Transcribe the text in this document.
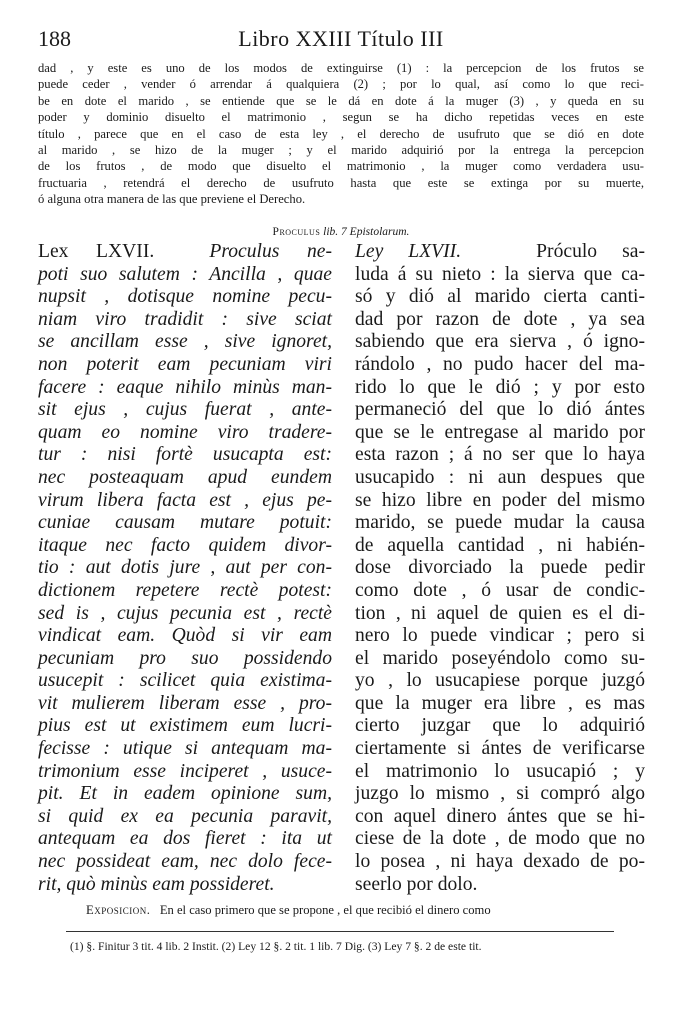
188	Libro XXIII Título III
dad , y este es uno de los modos de extinguirse (1) : la percepcion de los frutos se
puede ceder , vender ó arrendar á qualquiera (2) ; por lo qual, así como lo que reci-
be en dote el marido , se entiende que se le dá en dote á la muger (3) , y queda en su
poder y dominio disuelto el matrimonio , segun se ha dicho repetidas veces en este
título , parece que en el caso de esta ley , el derecho de usufruto que se dió en dote
al marido , se hizo de la muger ; y el marido adquirió por la entrega la percepcion
de los frutos , de modo que disuelto el matrimonio , la muger como verdadera usu-
fructuaria , retendrá el derecho de usufruto hasta que este se extinga por su muerte,
ó alguna otra manera de las que previene el Derecho.
Proculus lib. 7 Epistolarum.
Lex LXVII.	Proculus ne-
poti suo salutem : Ancilla , quae
nupsit , dotisque nomine pecu-
niam viro tradidit : sive sciat
se ancillam esse , sive ignoret,
non poterit eam pecuniam viri
facere : eaque nihilo minùs man-
sit ejus , cujus fuerat , ante-
quam eo nomine viro tradere-
tur : nisi fortè usucapta est:
nec posteaquam apud eundem
virum libera facta est , ejus pe-
cuniae causam mutare potuit:
itaque nec facto quidem divor-
tio : aut dotis jure , aut per con-
dictionem repetere rectè potest:
sed is , cujus pecunia est , rectè
vindicat eam. Quòd si vir eam
pecuniam pro suo possidendo
usucepit : scilicet quia existima-
vit mulierem liberam esse , pro-
pius est ut existimem eum lucri-
fecisse : utique si antequam ma-
trimonium esse inciperet , usuce-
pit. Et in eadem opinione sum,
si quid ex ea pecunia paravit,
antequam ea dos fieret : ita ut
nec possideat eam, nec dolo fece-
rit, quò minùs eam possideret.
Ley LXVII.	Próculo sa-
luda á su nieto : la sierva que ca-
só y dió al marido cierta canti-
dad por razon de dote , ya sea
sabiendo que era sierva , ó igno-
rándolo , no pudo hacer del ma-
rido lo que le dió ; y por esto
permaneció del que lo dió ántes
que se le entregase al marido por
esta razon ; á no ser que lo haya
usucapido : ni aun despues que
se hizo libre en poder del mismo
marido, se puede mudar la causa
de aquella cantidad , ni habién-
dose divorciado la puede pedir
como dote , ó usar de condic-
tion , ni aquel de quien es el di-
nero lo puede vindicar ; pero si
el marido poseyéndolo como su-
yo , lo usucapiese porque juzgó
que la muger era libre , es mas
cierto juzgar que lo adquirió
ciertamente si ántes de verificarse
el matrimonio lo usucapió ; y
juzgo lo mismo , si compró algo
con aquel dinero ántes que se hi-
ciese de la dote , de modo que no
lo posea , ni haya dexado de po-
seerlo por dolo.
Exposicion. En el caso primero que se propone , el que recibió el dinero como
(1) §. Finitur 3 tit. 4 lib. 2 Instit. (2) Ley 12 §. 2 tit. 1 lib. 7 Dig. (3) Ley 7 §. 2 de este tit.
